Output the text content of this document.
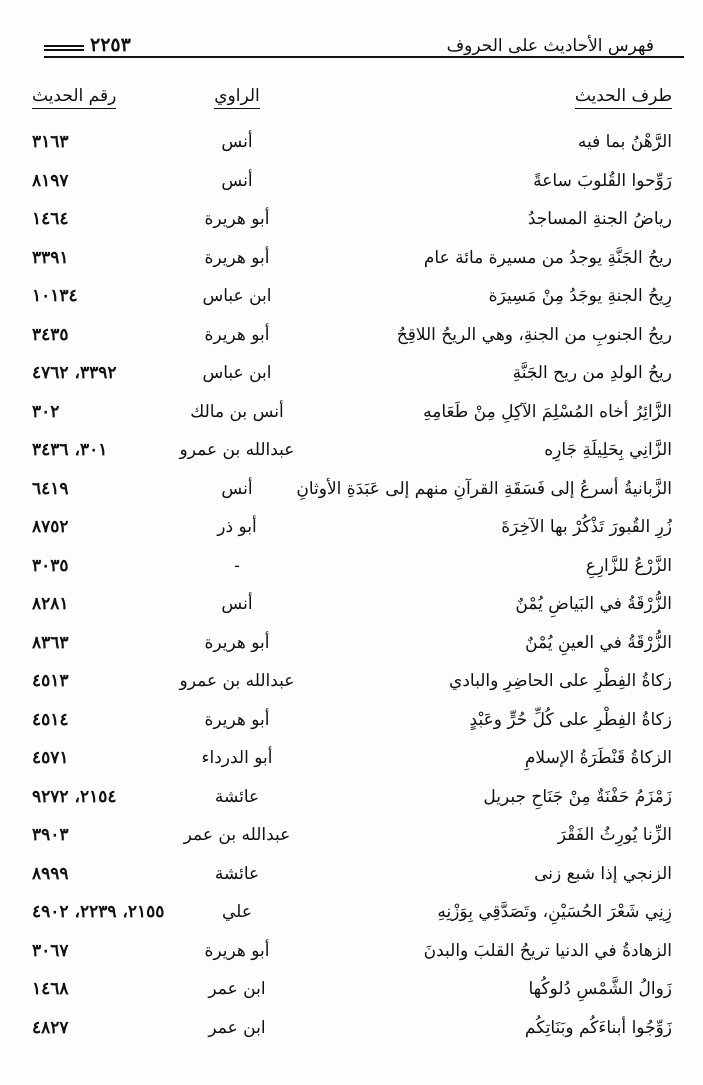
٢٢٥٣	فهرس الأحاديث على الحروف
طرف الحديث
الراوي
رقم الحديث
الرَّهْنُ بما فيه
أنس
٣١٦٣
رَوِّحوا القُلوبَ ساعةً
أنس
٨١٩٧
رياضُ الجنةِ المساجدُ
أبو هريرة
١٤٦٤
ريحُ الجَنَّةِ يوجدُ من مسيرة مائة عام
أبو هريرة
٣٣٩١
رِيحُ الجنةِ يوجَدُ مِنْ مَسِيرَة
ابن عباس
١٠١٣٤
ريحُ الجنوبِ من الجنةِ، وهي الريحُ اللاقِحُ
أبو هريرة
٣٤٣٥
ريحُ الولدِ من ريح الجَنَّةِ
ابن عباس
٣٣٩٢، ٤٧٦٢
الزَّائِرُ أخاه المُسْلِمَ الآكِلِ مِنْ طَعَامِهِ
أنس بن مالك
٣٠٢
الزَّانِي بِحَلِيلَةِ جَارِه
عبدالله بن عمرو
٣٠١، ٣٤٣٦
الزَّبانيةُ أسرعُ إلى فَسَقَةِ القرآنِ منهم إلى عَبَدَةِ الأوثانِ
أنس
٦٤١٩
زُرِ القُبورَ تَذْكُرْ بها الآخِرَةَ
أبو ذر
٨٧٥٢
الزَّرْعُ للزَّارِعِ
-
٣٠٣٥
الزُّرْقَةُ في البَياضِ يُمْنٌ
أنس
٨٢٨١
الزُّرْقَةُ في العينِ يُمْنٌ
أبو هريرة
٨٣٦٣
زكاةُ الفِطْرِ على الحاضِرِ والبادي
عبدالله بن عمرو
٤٥١٣
زكاةُ الفِطْرِ على كُلِّ حُرٍّ وعَبْدٍ
أبو هريرة
٤٥١٤
الزكاةُ قَنْطَرَةُ الإسلامِ
أبو الدرداء
٤٥٧١
زَمْزَمُ حَفْنَةٌ مِنْ جَنَاحِ جبريل
عائشة
٢١٥٤، ٩٢٧٢
الزِّنا يُورِثُ الفَقْرَ
عبدالله بن عمر
٣٩٠٣
الزنجي إذا شبع زنى
عائشة
٨٩٩٩
زِنِي شَعْرَ الحُسَيْنِ، وتَصَدَّقِي بِوَزْنِهِ
علي
٢١٥٥، ٢٢٣٩، ٤٩٠٢
الزهادةُ في الدنيا تريحُ القلبَ والبدنَ
أبو هريرة
٣٠٦٧
زَوالُ الشَّمْسِ دُلوكُها
ابن عمر
١٤٦٨
زَوِّجُوا أبناءَكُم وبَنَاتِكُم
ابن عمر
٤٨٢٧
